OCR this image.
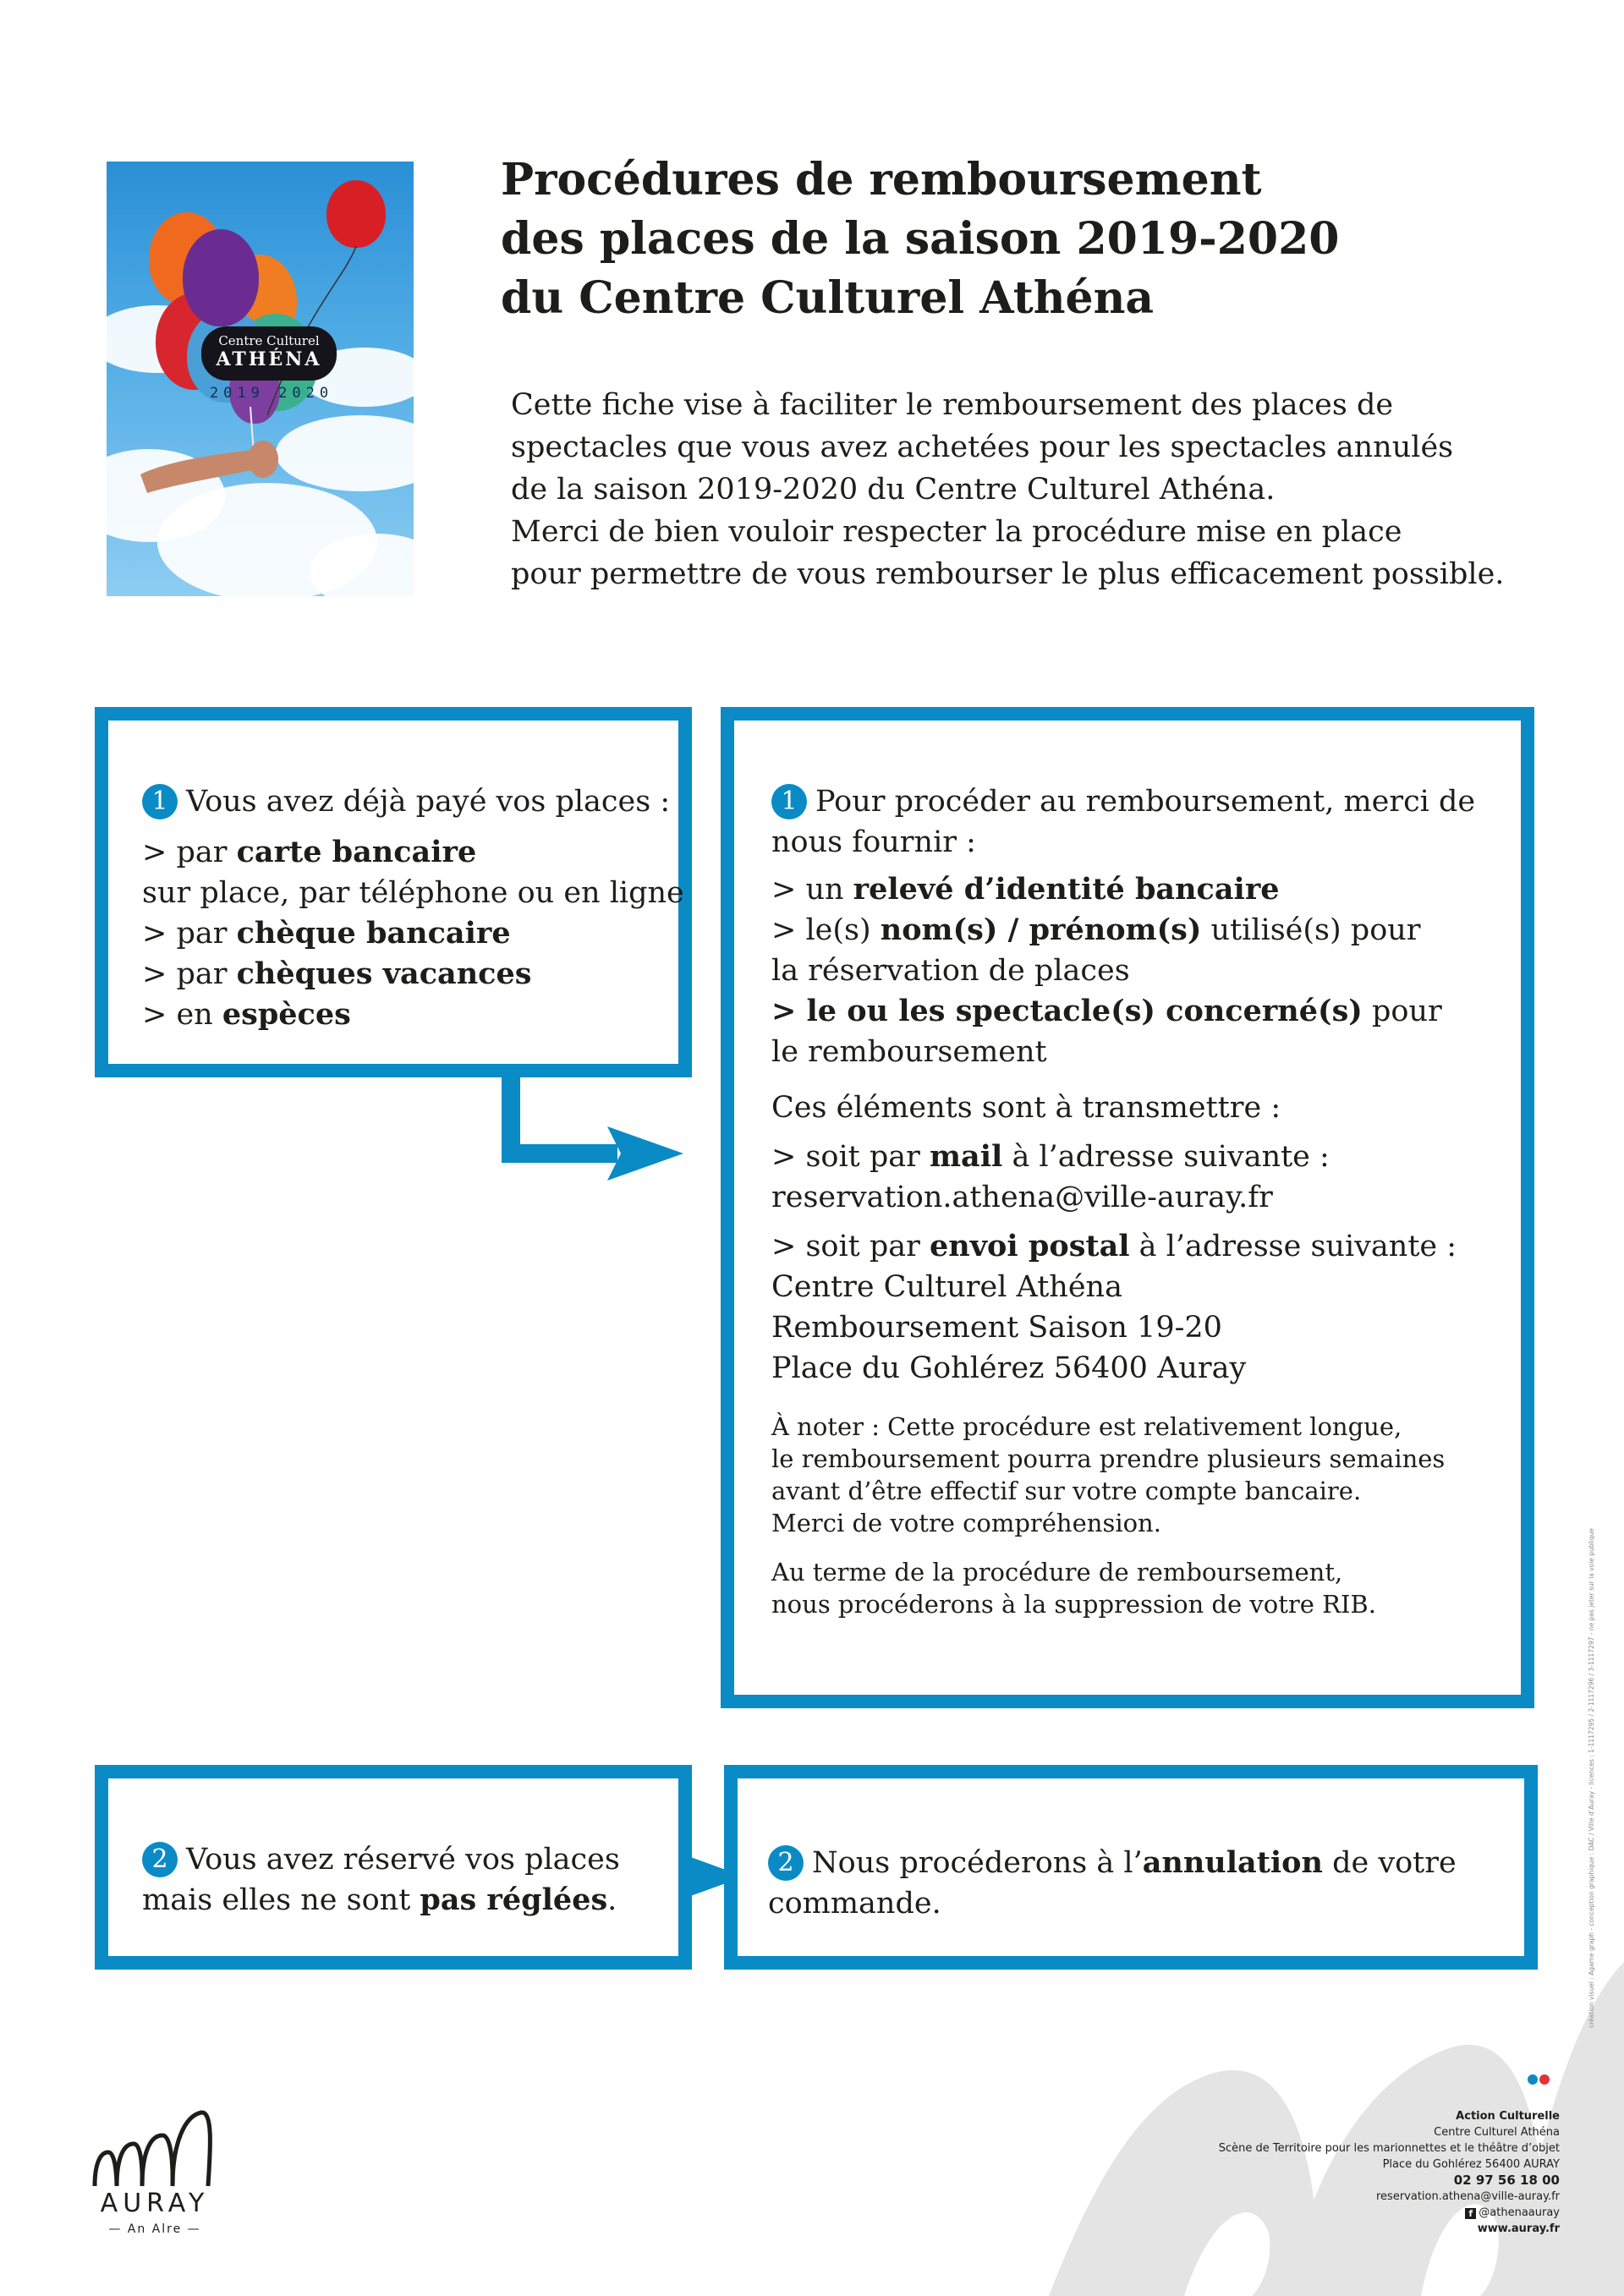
Centre Culturel
ATHÉNA
2019 2020
Procédures de remboursement
des places de la saison 2019-2020
du Centre Culturel Athéna
Cette fiche vise à faciliter le remboursement des places de
spectacles que vous avez achetées pour les spectacles annulés
de la saison 2019-2020 du Centre Culturel Athéna.
Merci de bien vouloir respecter la procédure mise en place
pour permettre de vous rembourser le plus efficacement possible.
1 Vous avez déjà payé vos places :
> par carte bancaire
sur place, par téléphone ou en ligne
> par chèque bancaire
> par chèques vacances
> en espèces
1 Pour procéder au remboursement, merci de
nous fournir :
> un relevé d’identité bancaire
> le(s) nom(s) / prénom(s) utilisé(s) pour
la réservation de places
> le ou les spectacle(s) concerné(s) pour
le remboursement
Ces éléments sont à transmettre :
> soit par mail à l’adresse suivante :
reservation.athena@ville-auray.fr
> soit par envoi postal à l’adresse suivante :
Centre Culturel Athéna
Remboursement Saison 19-20
Place du Gohlérez 56400 Auray
À noter : Cette procédure est relativement longue,
le remboursement pourra prendre plusieurs semaines
avant d’être effectif sur votre compte bancaire.
Merci de votre compréhension.
Au terme de la procédure de remboursement,
nous procéderons à la suppression de votre RIB.
2 Vous avez réservé vos places
mais elles ne sont pas réglées.
2 Nous procéderons à l’annulation de votre
commande.
AURAY
— An Alre —
Action Culturelle
Centre Culturel Athéna
Scène de Territoire pour les marionnettes et le théâtre d’objet
Place du Gohlérez 56400 AURAY
02 97 56 18 00
reservation.athena@ville-auray.fr
f @athenaauray
www.auray.fr
création visuel : Agame graph - conception graphique : DAC / Ville d’Auray - licences : 1-1117295 / 2-1117296 / 3-1117297 - ne pas jeter sur la voie publique
